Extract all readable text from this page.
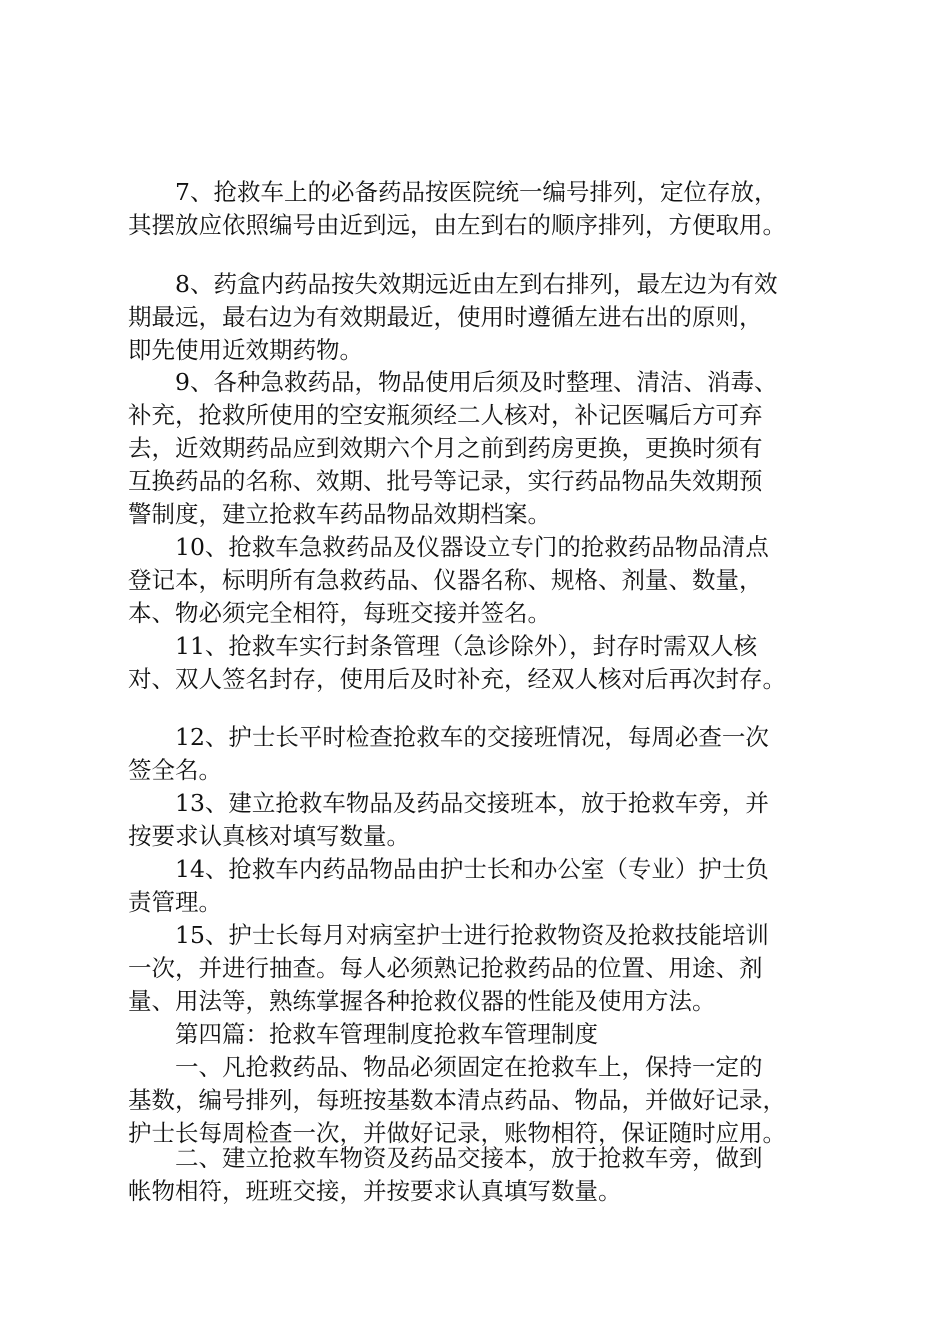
7、抢救车上的必备药品按医院统一编号排列，定位存放，
其摆放应依照编号由近到远，由左到右的顺序排列，方便取用。
8、药盒内药品按失效期远近由左到右排列，最左边为有效
期最远，最右边为有效期最近，使用时遵循左进右出的原则，
即先使用近效期药物。
9、各种急救药品，物品使用后须及时整理、清洁、消毒、
补充，抢救所使用的空安瓶须经二人核对，补记医嘱后方可弃
去，近效期药品应到效期六个月之前到药房更换，更换时须有
互换药品的名称、效期、批号等记录，实行药品物品失效期预
警制度，建立抢救车药品物品效期档案。
10、抢救车急救药品及仪器设立专门的抢救药品物品清点
登记本，标明所有急救药品、仪器名称、规格、剂量、数量，
本、物必须完全相符，每班交接并签名。
11、抢救车实行封条管理（急诊除外），封存时需双人核
对、双人签名封存，使用后及时补充，经双人核对后再次封存。
12、护士长平时检查抢救车的交接班情况，每周必查一次
签全名。
13、建立抢救车物品及药品交接班本，放于抢救车旁，并
按要求认真核对填写数量。
14、抢救车内药品物品由护士长和办公室（专业）护士负
责管理。
15、护士长每月对病室护士进行抢救物资及抢救技能培训
一次，并进行抽查。每人必须熟记抢救药品的位置、用途、剂
量、用法等，熟练掌握各种抢救仪器的性能及使用方法。
第四篇：抢救车管理制度抢救车管理制度
一、凡抢救药品、物品必须固定在抢救车上，保持一定的
基数，编号排列，每班按基数本清点药品、物品，并做好记录，
护士长每周检查一次，并做好记录，账物相符，保证随时应用。
二、建立抢救车物资及药品交接本，放于抢救车旁，做到
帐物相符，班班交接，并按要求认真填写数量。
